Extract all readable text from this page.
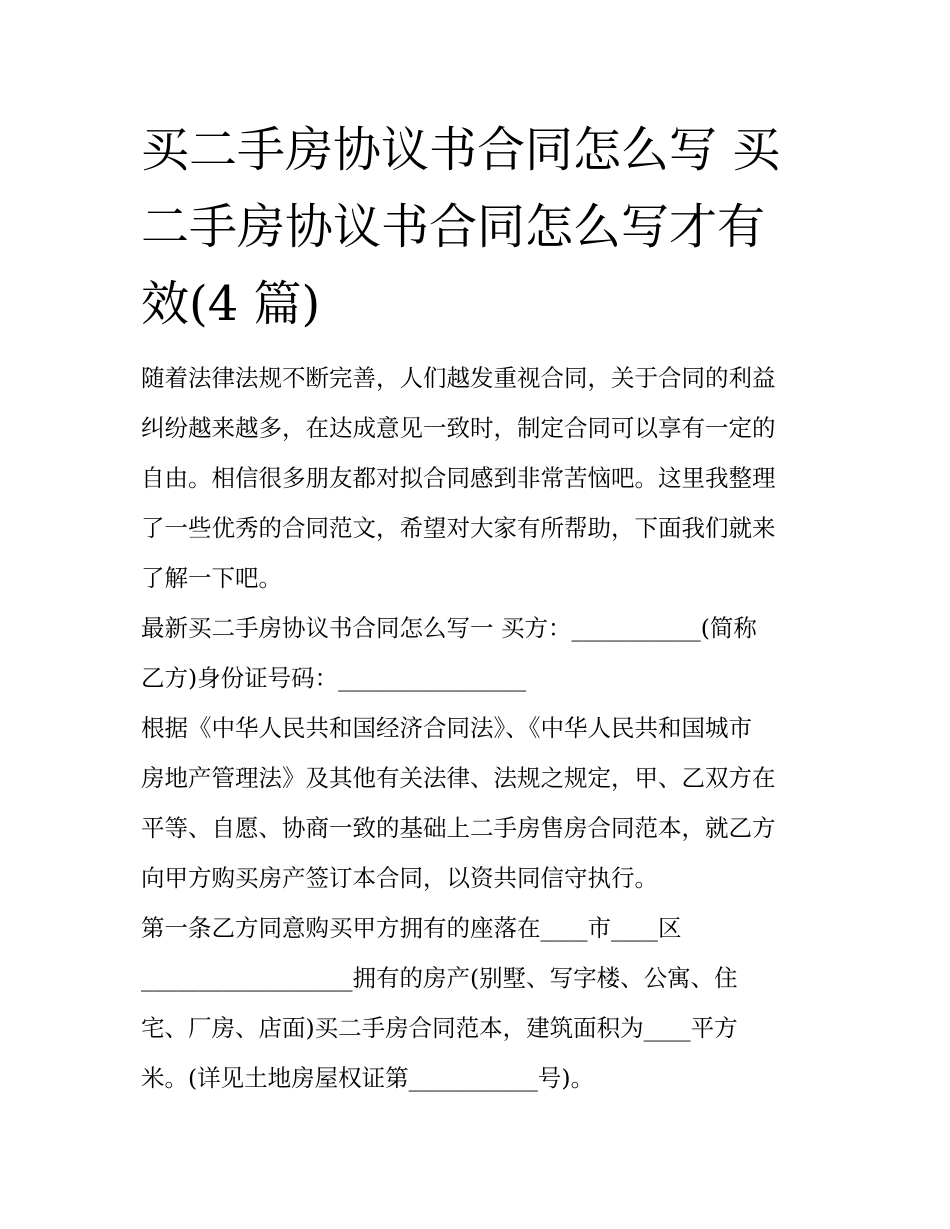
买二手房协议书合同怎么写 买
二手房协议书合同怎么写才有
效(4 篇)

随着法律法规不断完善，人们越发重视合同，关于合同的利益
纠纷越来越多，在达成意见一致时，制定合同可以享有一定的
自由。相信很多朋友都对拟合同感到非常苦恼吧。这里我整理
了一些优秀的合同范文，希望对大家有所帮助，下面我们就来
了解一下吧。

最新买二手房协议书合同怎么写一 买方：___________(简称
乙方)身份证号码：________________

根据《中华人民共和国经济合同法》、《中华人民共和国城市
房地产管理法》及其他有关法律、法规之规定，甲、乙双方在
平等、自愿、协商一致的基础上二手房售房合同范本，就乙方
向甲方购买房产签订本合同，以资共同信守执行。

第一条乙方同意购买甲方拥有的座落在____市____区
__________________拥有的房产(别墅、写字楼、公寓、住
宅、厂房、店面)买二手房合同范本，建筑面积为____平方
米。(详见土地房屋权证第___________号)。
